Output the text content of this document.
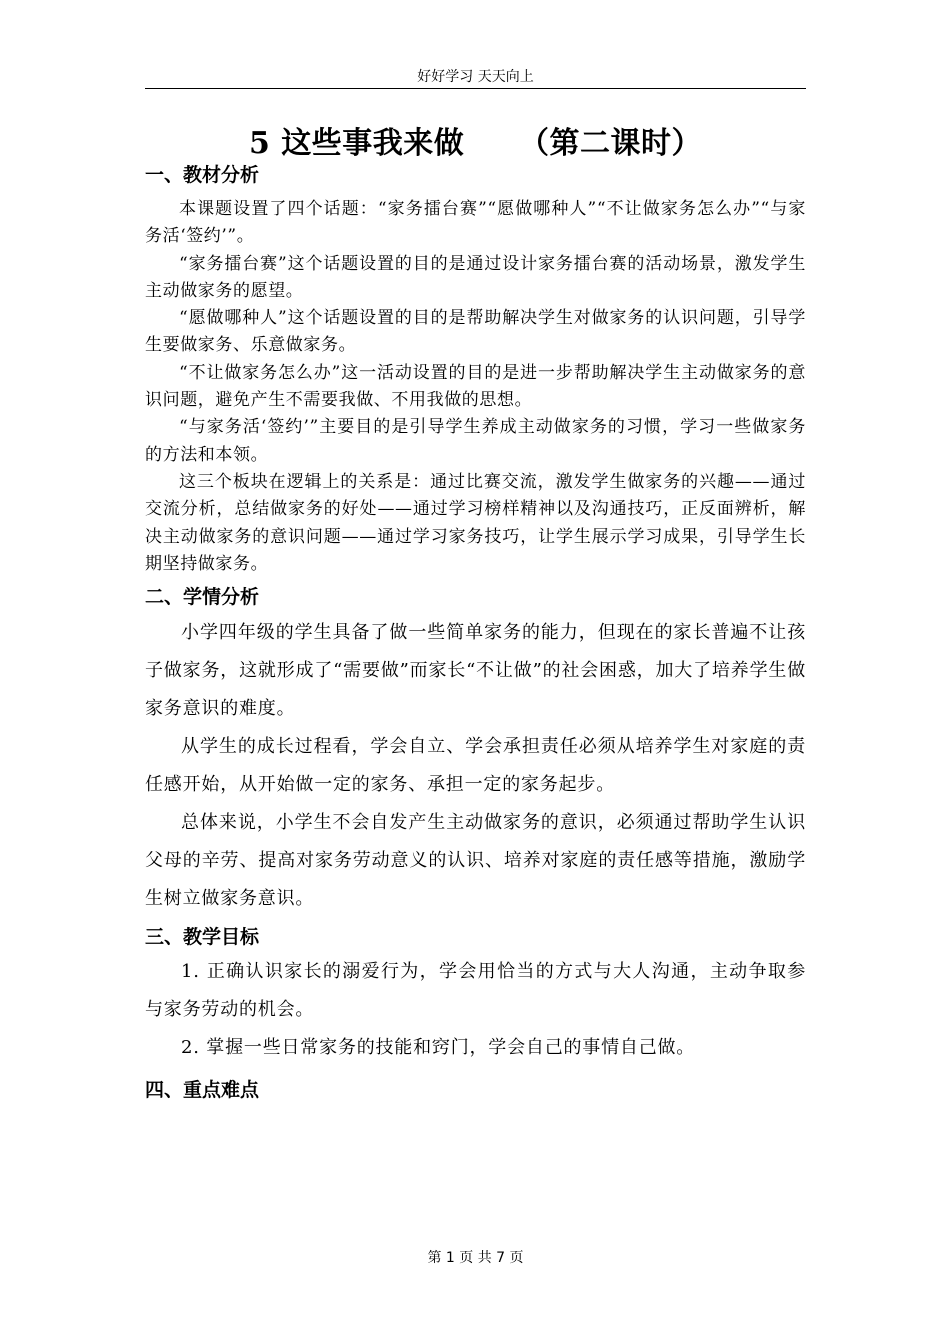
好好学习 天天向上
5 这些事我来做     （第二课时）
一、教材分析

本课题设置了四个话题：“家务擂台赛”“愿做哪种人”“不让做家务怎么办”“与家务活‘签约’”。

“家务擂台赛”这个话题设置的目的是通过设计家务擂台赛的活动场景，激发学生主动做家务的愿望。

“愿做哪种人”这个话题设置的目的是帮助解决学生对做家务的认识问题，引导学生要做家务、乐意做家务。

“不让做家务怎么办”这一活动设置的目的是进一步帮助解决学生主动做家务的意识问题，避免产生不需要我做、不用我做的思想。

“与家务活‘签约’”主要目的是引导学生养成主动做家务的习惯，学习一些做家务的方法和本领。

这三个板块在逻辑上的关系是：通过比赛交流，激发学生做家务的兴趣——通过交流分析，总结做家务的好处——通过学习榜样精神以及沟通技巧，正反面辨析，解决主动做家务的意识问题——通过学习家务技巧，让学生展示学习成果，引导学生长期坚持做家务。

二、学情分析

小学四年级的学生具备了做一些简单家务的能力，但现在的家长普遍不让孩子做家务，这就形成了“需要做”而家长“不让做”的社会困惑，加大了培养学生做家务意识的难度。

从学生的成长过程看，学会自立、学会承担责任必须从培养学生对家庭的责任感开始，从开始做一定的家务、承担一定的家务起步。

总体来说，小学生不会自发产生主动做家务的意识，必须通过帮助学生认识父母的辛劳、提高对家务劳动意义的认识、培养对家庭的责任感等措施，激励学生树立做家务意识。

三、教学目标

1. 正确认识家长的溺爱行为，学会用恰当的方式与大人沟通，主动争取参与家务劳动的机会。

2. 掌握一些日常家务的技能和窍门，学会自己的事情自己做。

四、重点难点
第 1 页 共 7 页
